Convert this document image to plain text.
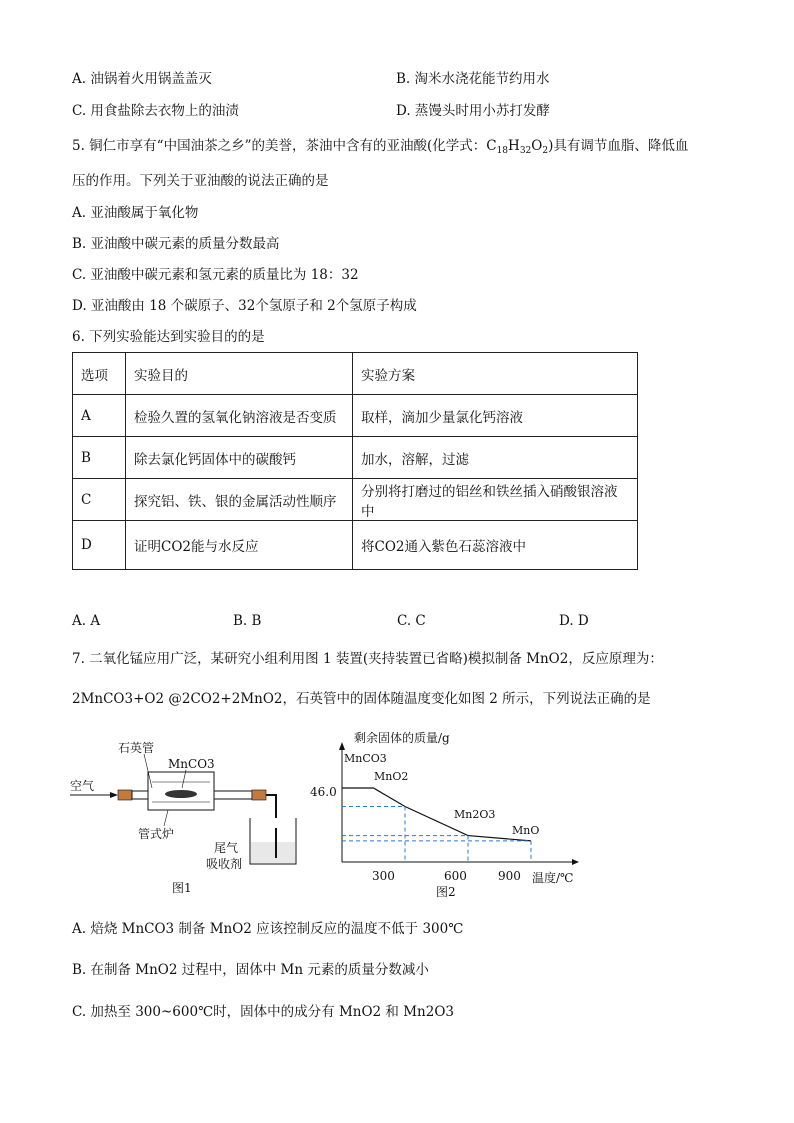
A. 油锅着火用锅盖盖灭	B. 淘米水浇花能节约用水
C. 用食盐除去衣物上的油渍	D. 蒸馒头时用小苏打发酵
5. 铜仁市享有“中国油茶之乡”的美誉，茶油中含有的亚油酸(化学式：$C_{18}H_{32}O_2$)具有调节血脂、降低血
压的作用。下列关于亚油酸的说法正确的是
A. 亚油酸属于氧化物
B. 亚油酸中碳元素的质量分数最高
C. 亚油酸中碳元素和氢元素的质量比为 18：32
D. 亚油酸由 18 个碳原子、32个氢原子和 2个氢原子构成
6. 下列实验能达到实验目的的是
选项	实验目的	实验方案
A	检验久置的氢氧化钠溶液是否变质	取样，滴加少量氯化钙溶液
B	除去氯化钙固体中的碳酸钙	加水，溶解，过滤
C	探究铝、铁、银的金属活动性顺序	分别将打磨过的铝丝和铁丝插入硝酸银溶液中
D	证明CO2能与水反应	将CO2通入紫色石蕊溶液中
A. A	B. B	C. C	D. D
7. 二氧化锰应用广泛，某研究小组利用图 1 装置(夹持装置已省略)模拟制备 MnO2，反应原理为：
2MnCO3+O2 @2CO2+2MnO2，石英管中的固体随温度变化如图 2 所示，下列说法正确的是
石英管
MnCO3
空气
管式炉
尾气
吸收剂
图1
剩余固体的质量/g
温度/℃
46.0
300	600	900
图2
MnCO3
MnO2
Mn2O3
MnO
A. 焙烧 MnCO3 制备 MnO2 应该控制反应的温度不低于 300℃
B. 在制备 MnO2 过程中，固体中 Mn 元素的质量分数减小
C. 加热至 300~600℃时，固体中的成分有 MnO2 和 Mn2O3
